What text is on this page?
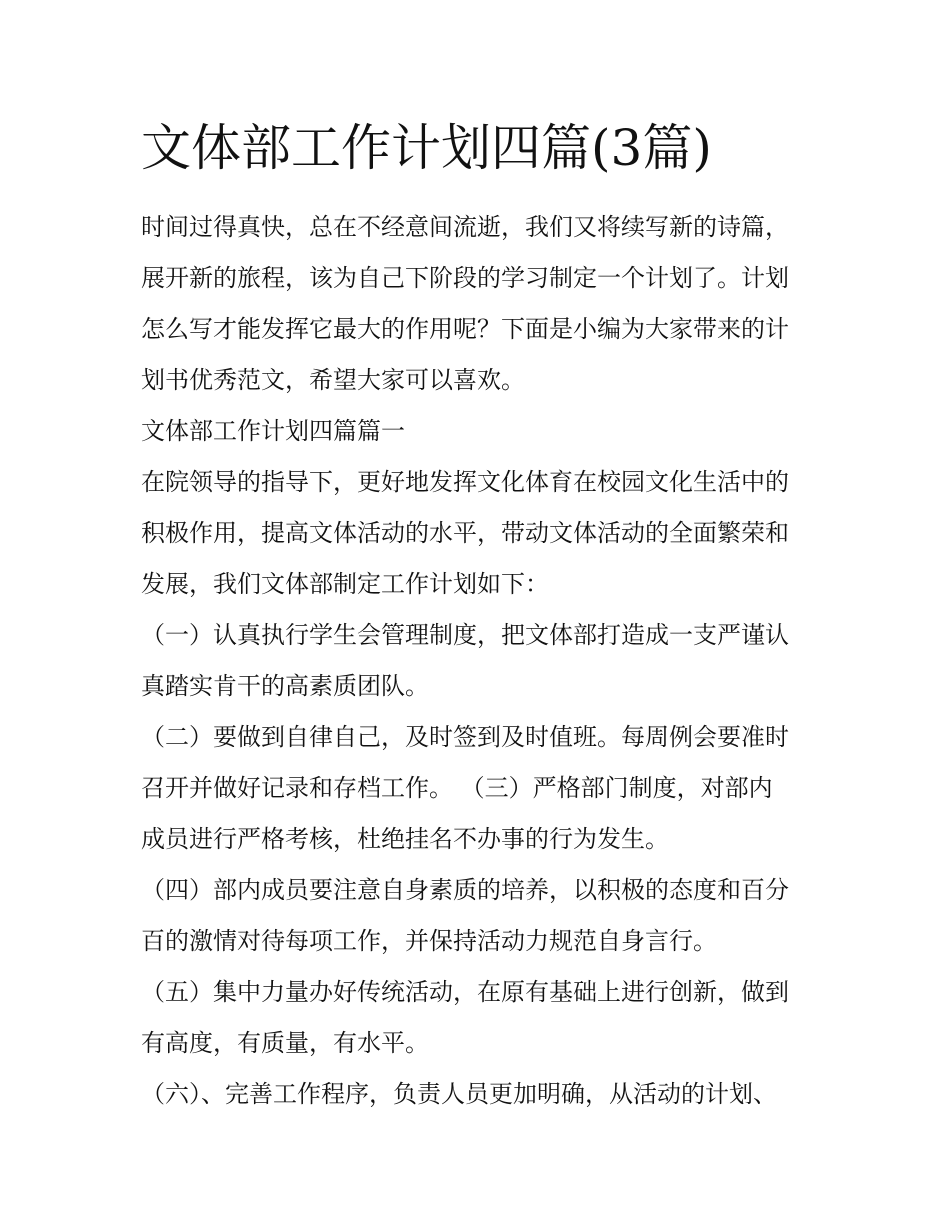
文体部工作计划四篇(3篇)

时间过得真快，总在不经意间流逝，我们又将续写新的诗篇，

展开新的旅程，该为自己下阶段的学习制定一个计划了。计划

怎么写才能发挥它最大的作用呢？下面是小编为大家带来的计

划书优秀范文，希望大家可以喜欢。

文体部工作计划四篇篇一

在院领导的指导下，更好地发挥文化体育在校园文化生活中的

积极作用，提高文体活动的水平，带动文体活动的全面繁荣和

发展，我们文体部制定工作计划如下：

（一）认真执行学生会管理制度，把文体部打造成一支严谨认

真踏实肯干的高素质团队。

（二）要做到自律自己，及时签到及时值班。每周例会要准时

召开并做好记录和存档工作。 （三）严格部门制度，对部内

成员进行严格考核，杜绝挂名不办事的行为发生。

（四）部内成员要注意自身素质的培养，以积极的态度和百分

百的激情对待每项工作，并保持活动力规范自身言行。

（五）集中力量办好传统活动，在原有基础上进行创新，做到

有高度，有质量，有水平。

（六）、完善工作程序，负责人员更加明确，从活动的计划、
